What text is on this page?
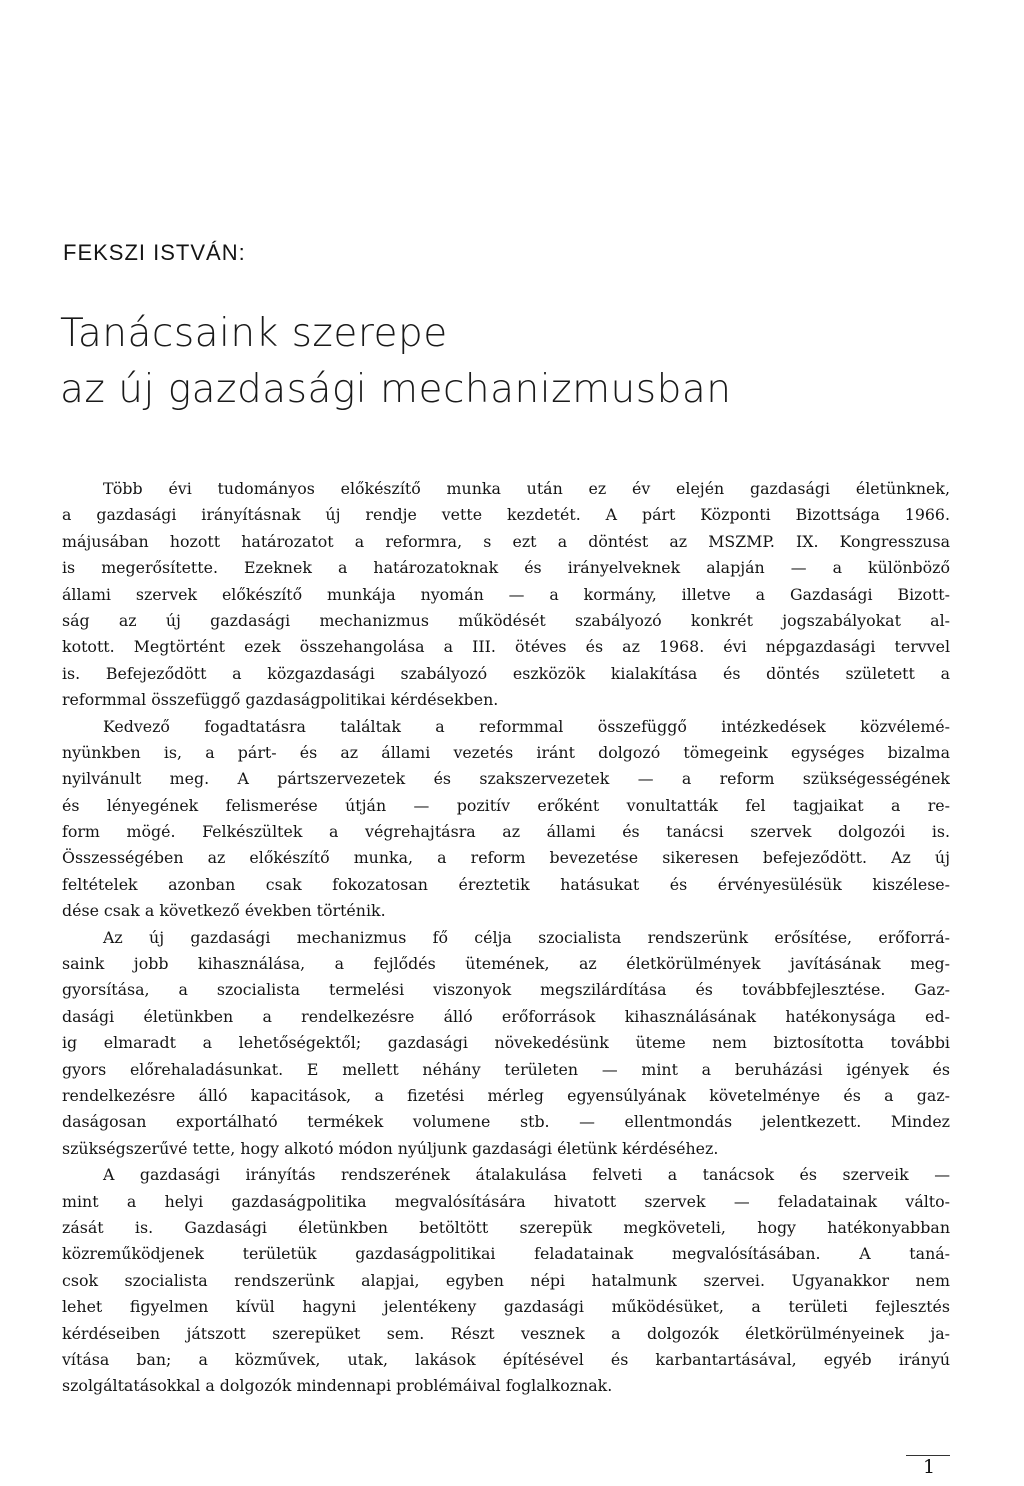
FEKSZI ISTVÁN:

Tanácsaink szerepe
az új gazdasági mechanizmusban
Több évi tudományos előkészítő munka után ez év elején gazdasági életünknek,
a gazdasági irányításnak új rendje vette kezdetét. A párt Központi Bizottsága 1966.
májusában hozott határozatot a reformra, s ezt a döntést az MSZMP. IX. Kongresszusa
is megerősítette. Ezeknek a határozatoknak és irányelveknek alapján — a különböző
állami szervek előkészítő munkája nyomán — a kormány, illetve a Gazdasági Bizott-
ság az új gazdasági mechanizmus működését szabályozó konkrét jogszabályokat al-
kotott. Megtörtént ezek összehangolása a III. ötéves és az 1968. évi népgazdasági tervvel
is. Befejeződött a közgazdasági szabályozó eszközök kialakítása és döntés született a
reformmal összefüggő gazdaságpolitikai kérdésekben.
Kedvező fogadtatásra találtak a reformmal összefüggő intézkedések közvélemé-
nyünkben is, a párt- és az állami vezetés iránt dolgozó tömegeink egységes bizalma
nyilvánult meg. A pártszervezetek és szakszervezetek — a reform szükségességének
és lényegének felismerése útján — pozitív erőként vonultatták fel tagjaikat a re-
form mögé. Felkészültek a végrehajtásra az állami és tanácsi szervek dolgozói is.
Összességében az előkészítő munka, a reform bevezetése sikeresen befejeződött. Az új
feltételek azonban csak fokozatosan éreztetik hatásukat és érvényesülésük kiszélese-
dése csak a következő években történik.
Az új gazdasági mechanizmus fő célja szocialista rendszerünk erősítése, erőforrá-
saink jobb kihasználása, a fejlődés ütemének, az életkörülmények javításának meg-
gyorsítása, a szocialista termelési viszonyok megszilárdítása és továbbfejlesztése. Gaz-
dasági életünkben a rendelkezésre álló erőforrások kihasználásának hatékonysága ed-
ig elmaradt a lehetőségektől; gazdasági növekedésünk üteme nem biztosította további
gyors előrehaladásunkat. E mellett néhány területen — mint a beruházási igények és
rendelkezésre álló kapacitások, a fizetési mérleg egyensúlyának követelménye és a gaz-
daságosan exportálható termékek volumene stb. — ellentmondás jelentkezett. Mindez
szükségszerűvé tette, hogy alkotó módon nyúljunk gazdasági életünk kérdéséhez.
A gazdasági irányítás rendszerének átalakulása felveti a tanácsok és szerveik —
mint a helyi gazdaságpolitika megvalósítására hivatott szervek — feladatainak válto-
zását is. Gazdasági életünkben betöltött szerepük megköveteli, hogy hatékonyabban
közreműködjenek területük gazdaságpolitikai feladatainak megvalósításában. A taná-
csok szocialista rendszerünk alapjai, egyben népi hatalmunk szervei. Ugyanakkor nem
lehet figyelmen kívül hagyni jelentékeny gazdasági működésüket, a területi fejlesztés
kérdéseiben játszott szerepüket sem. Részt vesznek a dolgozók életkörülményeinek ja-
vítása ban; a közművek, utak, lakások építésével és karbantartásával, egyéb irányú
szolgáltatásokkal a dolgozók mindennapi problémáival foglalkoznak.

1
